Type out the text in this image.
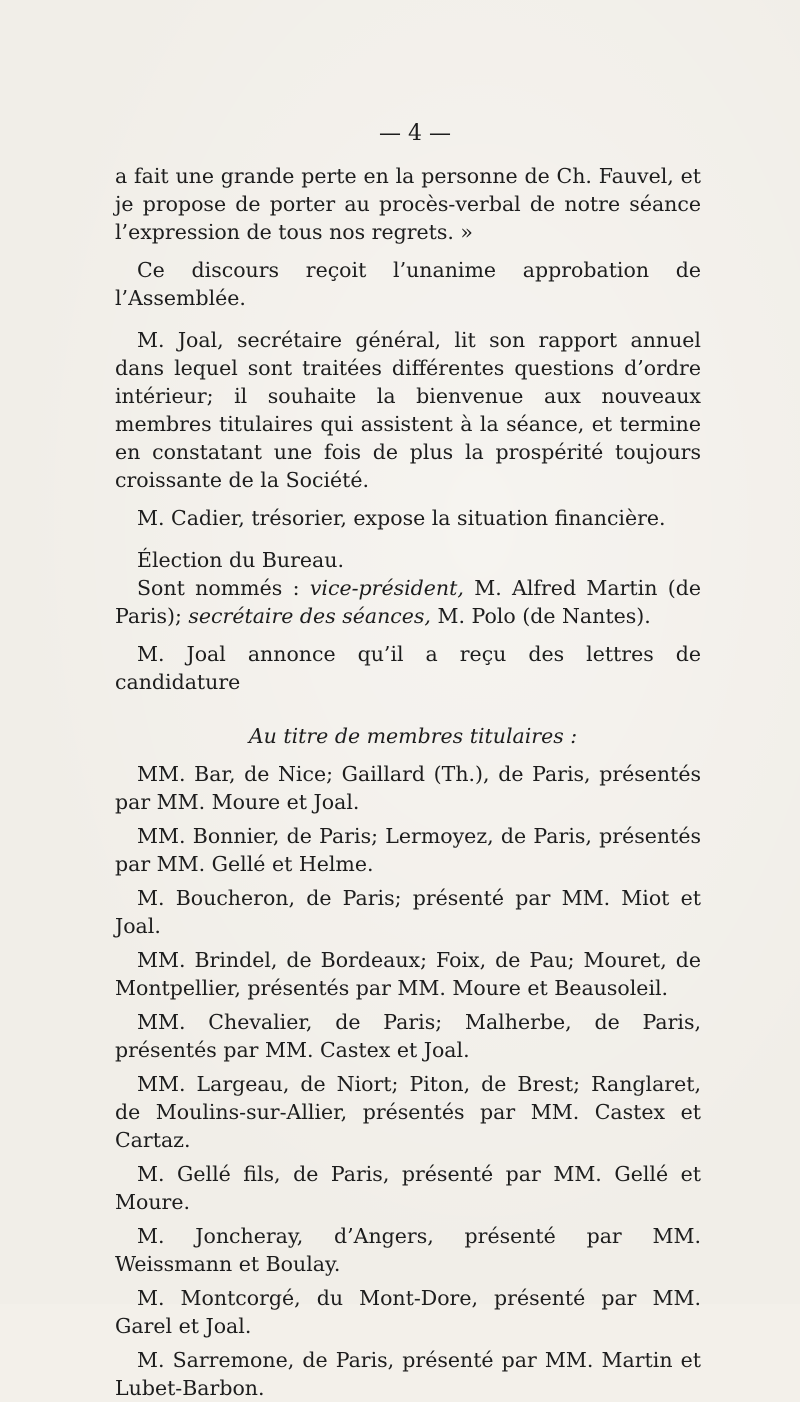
— 4 —

a fait une grande perte en la personne de Ch. Fauvel, et je propose de porter au procès-verbal de notre séance l’expression de tous nos regrets. »

Ce discours reçoit l’unanime approbation de l’Assemblée.

M. Joal, secrétaire général, lit son rapport annuel dans lequel sont traitées différentes questions d’ordre intérieur; il souhaite la bienvenue aux nouveaux membres titulaires qui assistent à la séance, et termine en constatant une fois de plus la prospérité toujours croissante de la Société.

M. Cadier, trésorier, expose la situation financière.

Élection du Bureau.

Sont nommés : vice-président, M. Alfred Martin (de Paris); secrétaire des séances, M. Polo (de Nantes).

M. Joal annonce qu’il a reçu des lettres de candidature

Au titre de membres titulaires :

MM. Bar, de Nice; Gaillard (Th.), de Paris, présentés par MM. Moure et Joal.

MM. Bonnier, de Paris; Lermoyez, de Paris, présentés par MM. Gellé et Helme.

M. Boucheron, de Paris; présenté par MM. Miot et Joal.

MM. Brindel, de Bordeaux; Foix, de Pau; Mouret, de Montpellier, présentés par MM. Moure et Beausoleil.

MM. Chevalier, de Paris; Malherbe, de Paris, présentés par MM. Castex et Joal.

MM. Largeau, de Niort; Piton, de Brest; Ranglaret, de Moulins-sur-Allier, présentés par MM. Castex et Cartaz.

M. Gellé fils, de Paris, présenté par MM. Gellé et Moure.

M. Joncheray, d’Angers, présenté par MM. Weissmann et Boulay.

M. Montcorgé, du Mont-Dore, présenté par MM. Garel et Joal.

M. Sarremone, de Paris, présenté par MM. Martin et Lubet-Barbon.
